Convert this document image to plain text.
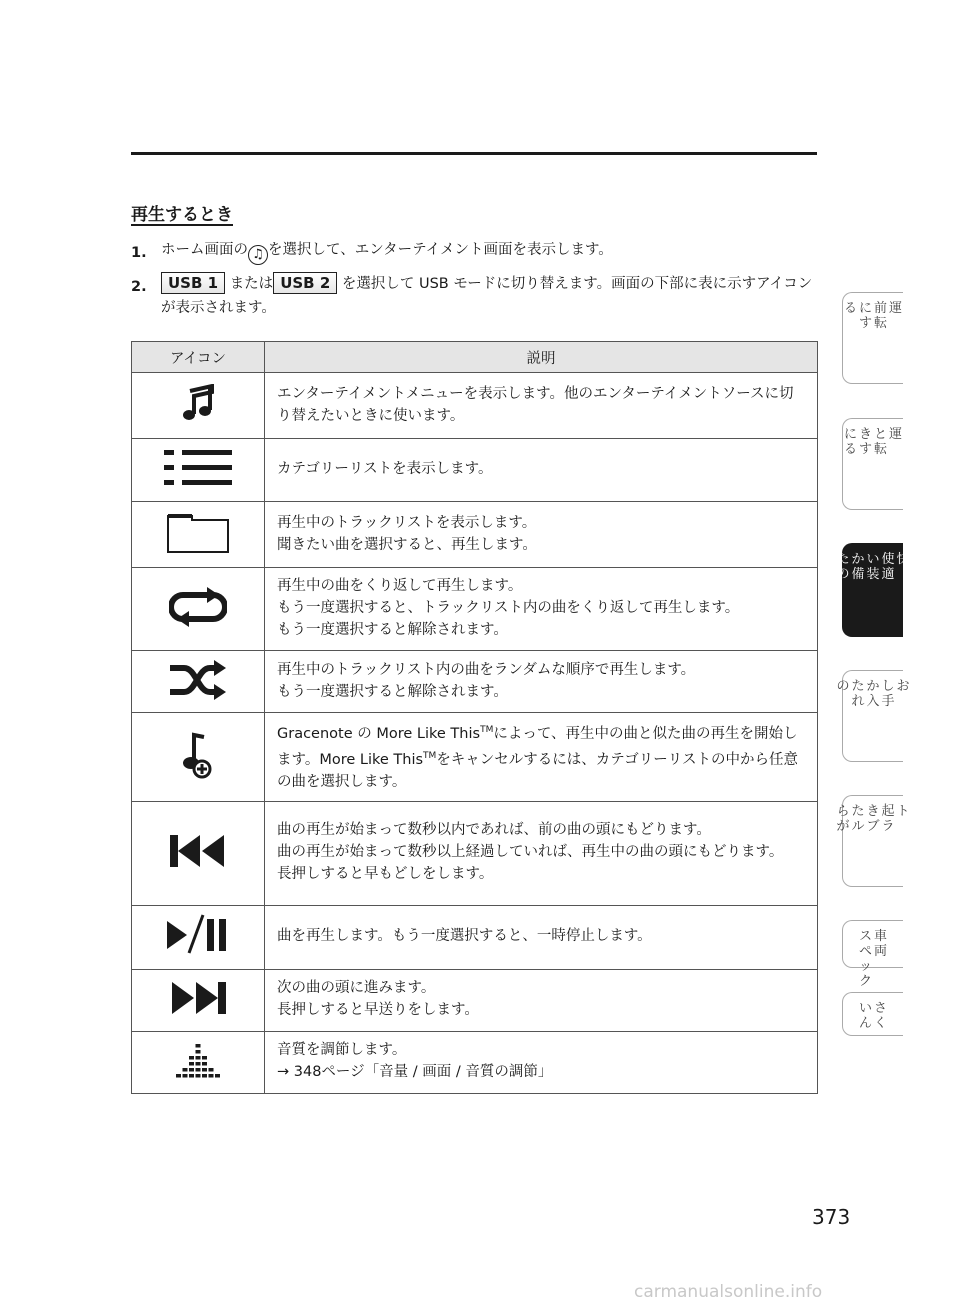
再生するとき
1. ホーム画面の ♫ を選択して、エンターテイメント画面を表示します。
2.	USB 1 または USB 2 を選択して USB モードに切り替えます。画面の下部に表に示すアイコンが表示されます。
アイコン	説明

エンターテイメントメニューを表示します。他のエンターテイメントソースに切り替えたいときに使います。

カテゴリーリストを表示します。

再生中のトラックリストを表示します。
聞きたい曲を選択すると、再生します。

再生中の曲をくり返して再生します。
もう一度選択すると、トラックリスト内の曲をくり返して再生します。
もう一度選択すると解除されます。

再生中のトラックリスト内の曲をランダムな順序で再生します。
もう一度選択すると解除されます。

	Gracenote の More Like This™によって、再生中の曲と似た曲の再生を開始します。More Like This™をキャンセルするには、カテゴリーリストの中から任意の曲を選択します。

曲の再生が始まって数秒以内であれば、前の曲の頭にもどります。
曲の再生が始まって数秒以上経過していれば、再生中の曲の頭にもどります。
長押しすると早もどしをします。

曲を再生します。もう一度選択すると、一時停止します。

次の曲の頭に進みます。
長押しすると早送りをします。

音質を調節します。
→ 348ページ「音量 / 画面 / 音質の調節」
運
前
転
に
す
る
運
と
転
き
す
に
る
快
使
適
い
装
か
備
た
の
お
し
手
か
入
た
れ
の
ト
起
ラ
き
ブ
た
ル
ら
が
車
両
ス
ペ
ッ
ク
さ
く
い
ん
373
carmanualsonline.info
